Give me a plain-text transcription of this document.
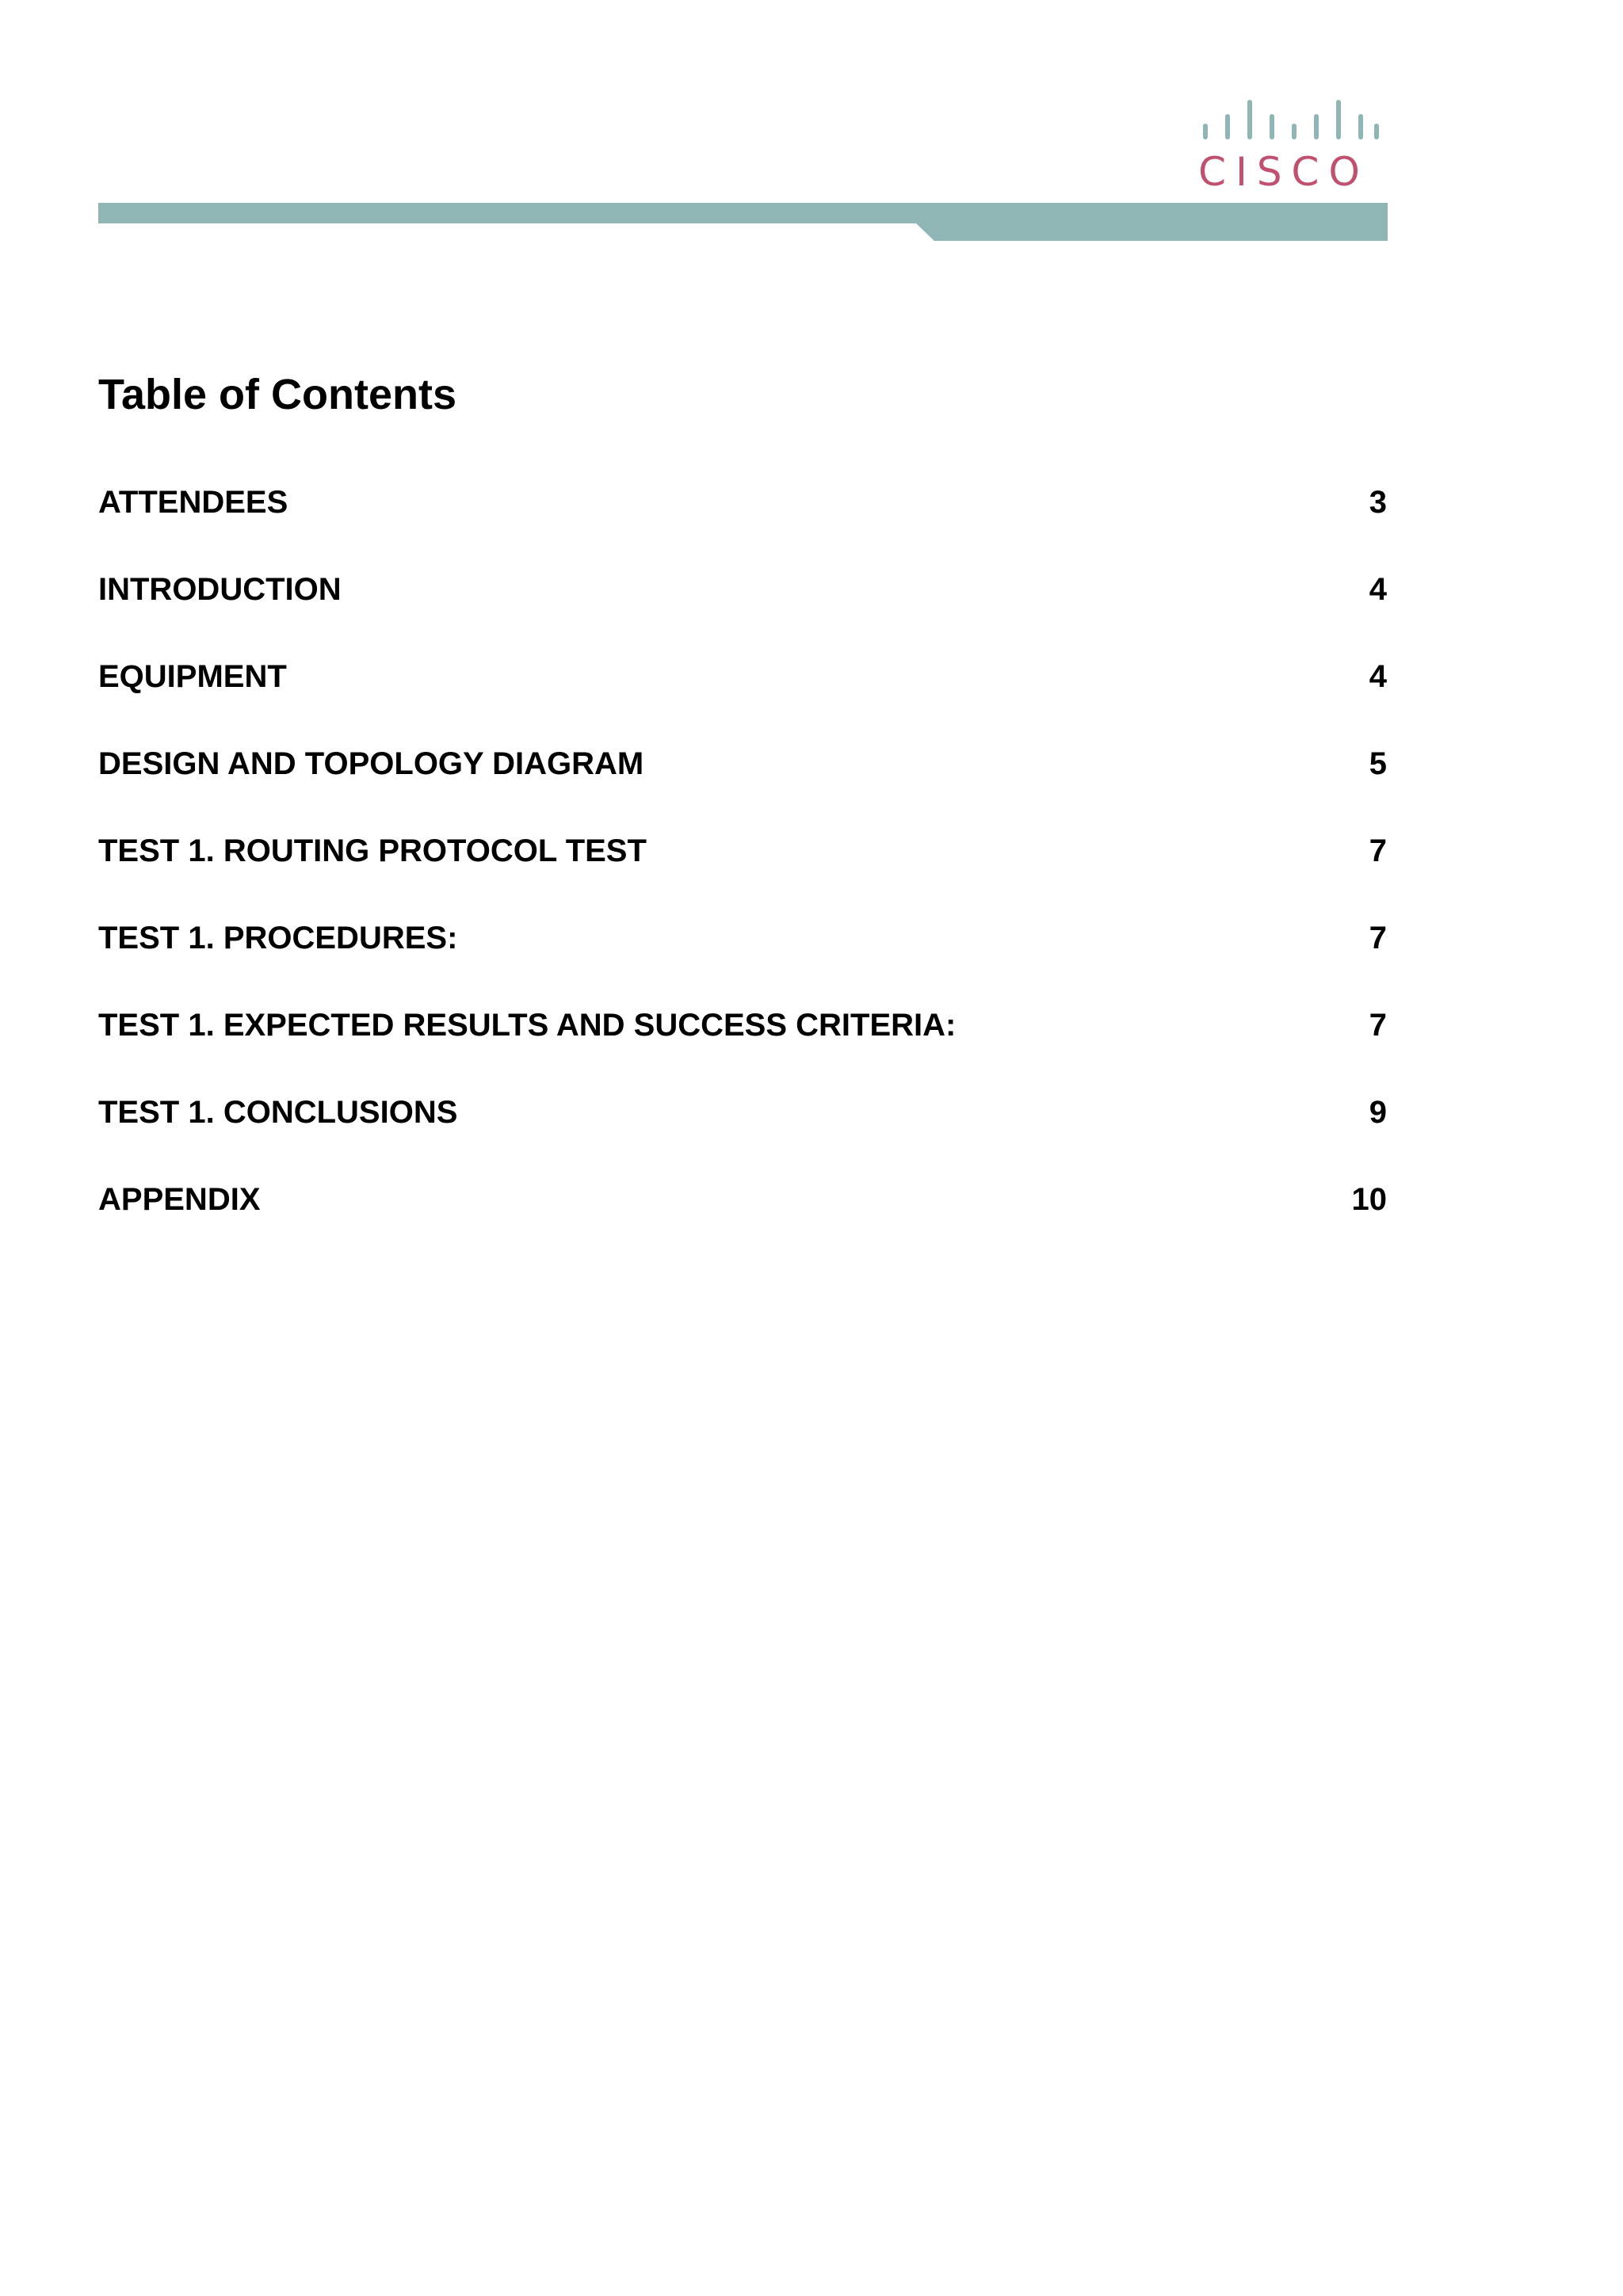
CISCO
Table of Contents
ATTENDEES	3
INTRODUCTION	4
EQUIPMENT	4
DESIGN AND TOPOLOGY DIAGRAM	5
TEST 1. ROUTING PROTOCOL TEST	7
TEST 1. PROCEDURES:	7
TEST 1. EXPECTED RESULTS AND SUCCESS CRITERIA:	7
TEST 1. CONCLUSIONS	9
APPENDIX	10
